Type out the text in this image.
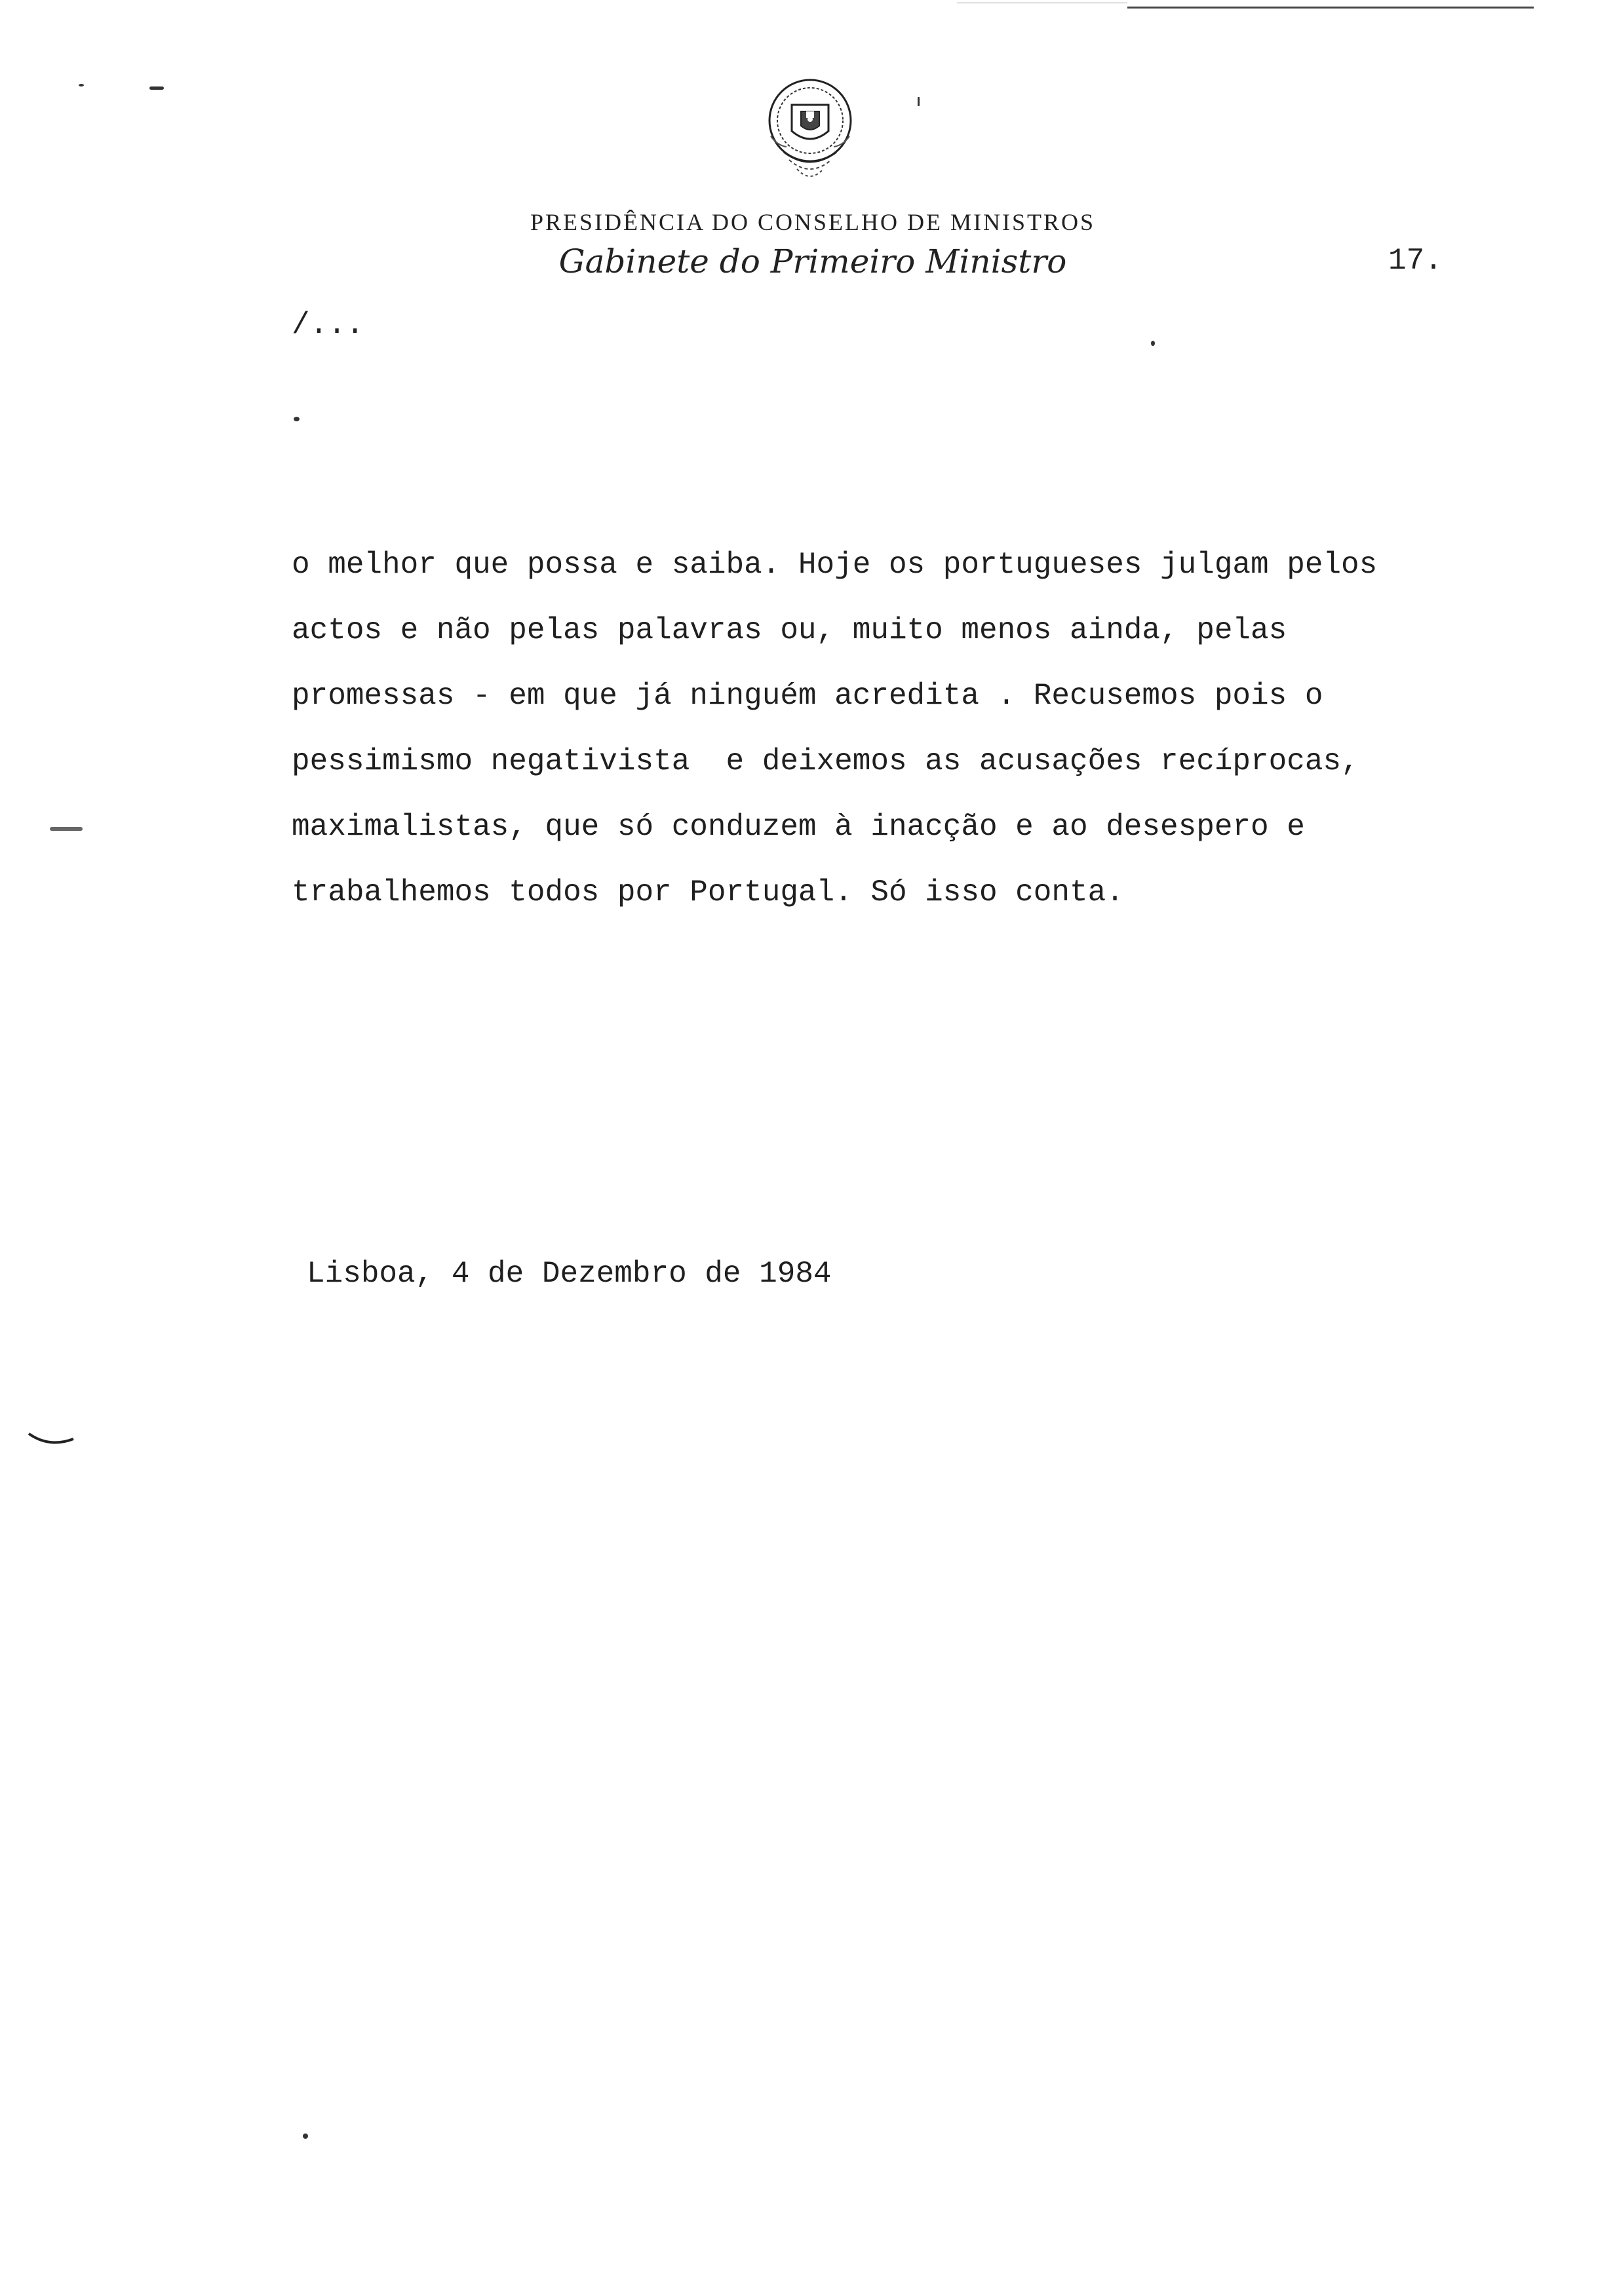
PRESIDÊNCIA DO CONSELHO DE MINISTROS
Gabinete do Primeiro Ministro	17.
/...
o melhor que possa e saiba. Hoje os portugueses julgam pelos
actos e não pelas palavras ou, muito menos ainda, pelas
promessas - em que já ninguém acredita . Recusemos pois o
pessimismo negativista  e deixemos as acusações recíprocas,
maximalistas, que só conduzem à inacção e ao desespero e
trabalhemos todos por Portugal. Só isso conta.
Lisboa, 4 de Dezembro de 1984
